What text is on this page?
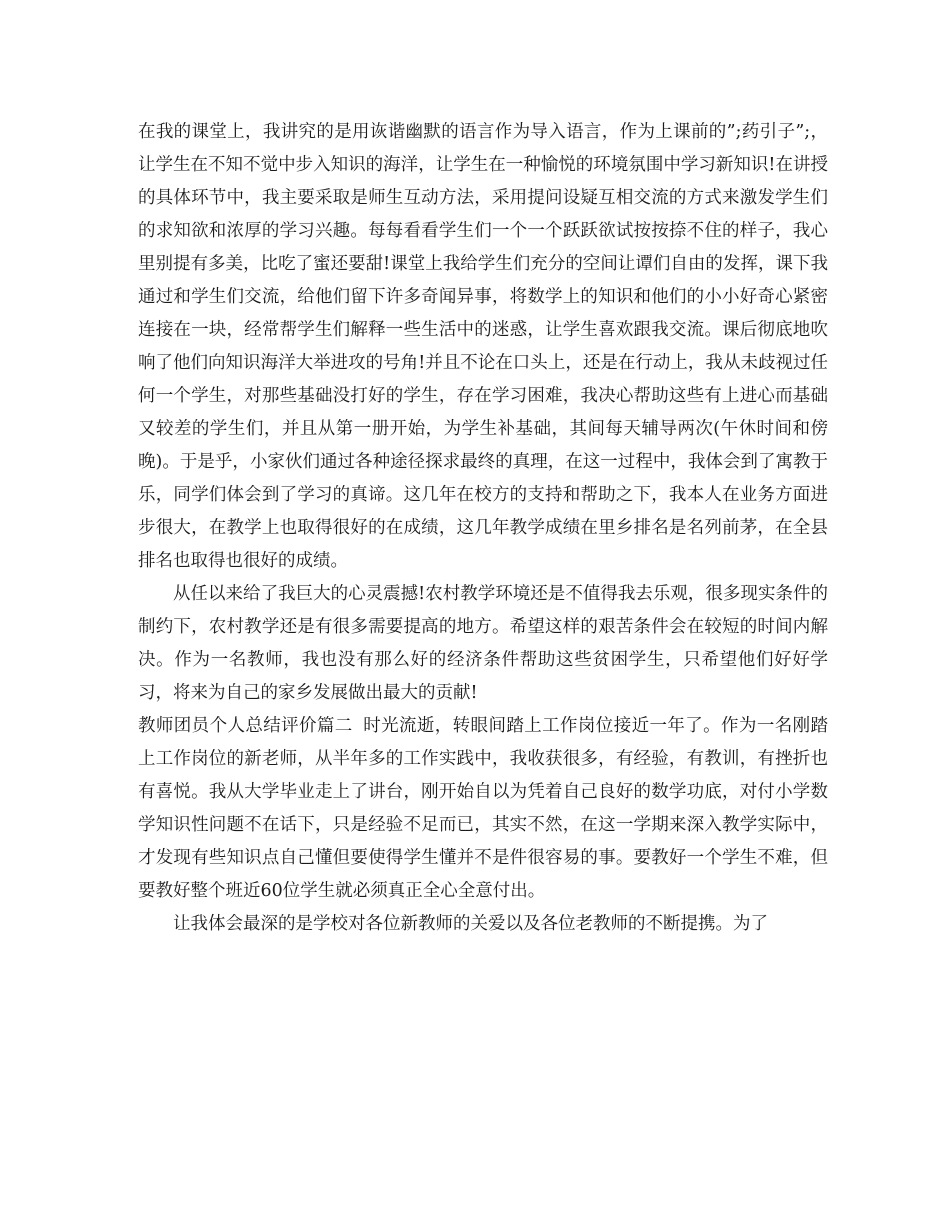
在我的课堂上，我讲究的是用诙谐幽默的语言作为导入语言，作为上课前的”;药引子”;，让学生在不知不觉中步入知识的海洋，让学生在一种愉悦的环境氛围中学习新知识!在讲授的具体环节中，我主要采取是师生互动方法，采用提问设疑互相交流的方式来激发学生们的求知欲和浓厚的学习兴趣。每每看看学生们一个一个跃跃欲试按按捺不住的样子，我心里别提有多美，比吃了蜜还要甜!课堂上我给学生们充分的空间让谭们自由的发挥，课下我通过和学生们交流，给他们留下许多奇闻异事，将数学上的知识和他们的小小好奇心紧密连接在一块，经常帮学生们解释一些生活中的迷惑，让学生喜欢跟我交流。课后彻底地吹响了他们向知识海洋大举进攻的号角!并且不论在口头上，还是在行动上，我从未歧视过任何一个学生，对那些基础没打好的学生，存在学习困难，我决心帮助这些有上进心而基础又较差的学生们，并且从第一册开始，为学生补基础，其间每天辅导两次(午休时间和傍晚)。于是乎，小家伙们通过各种途径探求最终的真理，在这一过程中，我体会到了寓教于乐，同学们体会到了学习的真谛。这几年在校方的支持和帮助之下，我本人在业务方面进步很大，在教学上也取得很好的在成绩，这几年教学成绩在里乡排名是名列前茅，在全县排名也取得也很好的成绩。

从任以来给了我巨大的心灵震撼!农村教学环境还是不值得我去乐观，很多现实条件的制约下，农村教学还是有很多需要提高的地方。希望这样的艰苦条件会在较短的时间内解决。作为一名教师，我也没有那么好的经济条件帮助这些贫困学生，只希望他们好好学习，将来为自己的家乡发展做出最大的贡献!

教师团员个人总结评价篇二 时光流逝，转眼间踏上工作岗位接近一年了。作为一名刚踏上工作岗位的新老师，从半年多的工作实践中，我收获很多，有经验，有教训，有挫折也有喜悦。我从大学毕业走上了讲台，刚开始自以为凭着自己良好的数学功底，对付小学数学知识性问题不在话下，只是经验不足而已，其实不然，在这一学期来深入教学实际中，才发现有些知识点自己懂但要使得学生懂并不是件很容易的事。要教好一个学生不难，但要教好整个班近60位学生就必须真正全心全意付出。

让我体会最深的是学校对各位新教师的关爱以及各位老教师的不断提携。为了
